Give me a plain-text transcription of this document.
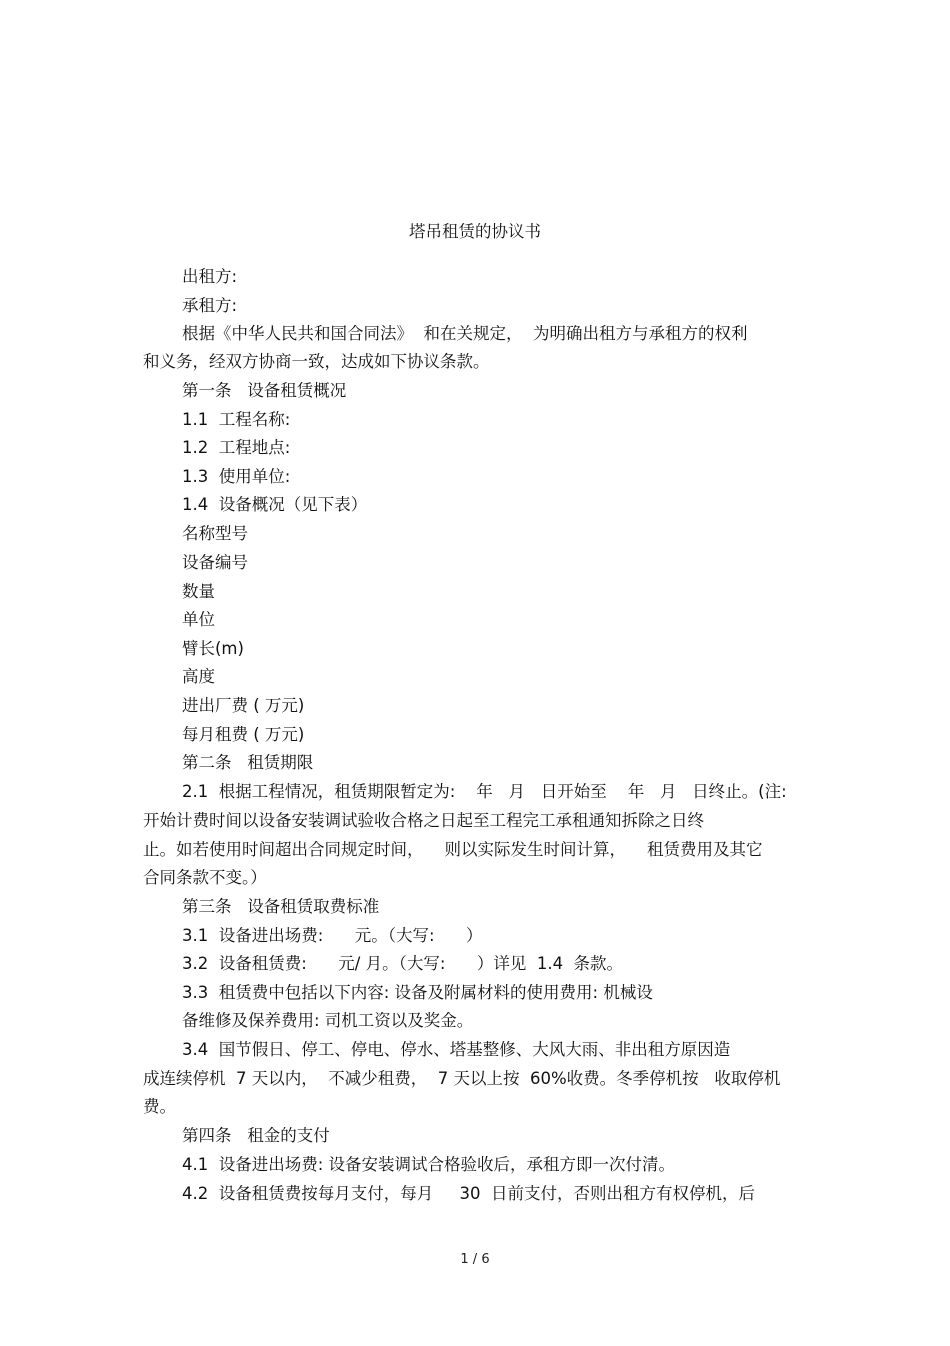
塔吊租赁的协议书
出租方:
承租方:
根据《中华人民共和国合同法》  和在关规定，  为明确出租方与承租方的权利
和义务，经双方协商一致，达成如下协议条款。
第一条   设备租赁概况
1.1  工程名称:
1.2  工程地点:
1.3  使用单位:
1.4  设备概况（见下表）
名称型号
设备编号
数量
单位
臂长(m)
高度
进出厂费 ( 万元)
每月租费 ( 万元)
第二条   租赁期限
2.1  根据工程情况，租赁期限暂定为:    年   月   日开始至    年   月   日终止。(注:
开始计费时间以设备安装调试验收合格之日起至工程完工承租通知拆除之日终
止。如若使用时间超出合同规定时间，    则以实际发生时间计算，    租赁费用及其它
合同条款不变。）
第三条   设备租赁取费标准
3.1  设备进出场费:      元。（大写:      ）
3.2  设备租赁费:      元/ 月。（大写:      ）详见  1.4  条款。
3.3  租赁费中包括以下内容: 设备及附属材料的使用费用: 机械设
备维修及保养费用: 司机工资以及奖金。
3.4  国节假日、停工、停电、停水、塔基整修、大风大雨、非出租方原因造
成连续停机  7 天以内，  不减少租费，  7 天以上按  60%收费。冬季停机按   收取停机
费。
第四条   租金的支付
4.1  设备进出场费: 设备安装调试合格验收后，承租方即一次付清。
4.2  设备租赁费按每月支付，每月     30  日前支付，否则出租方有权停机，后
1 / 6
